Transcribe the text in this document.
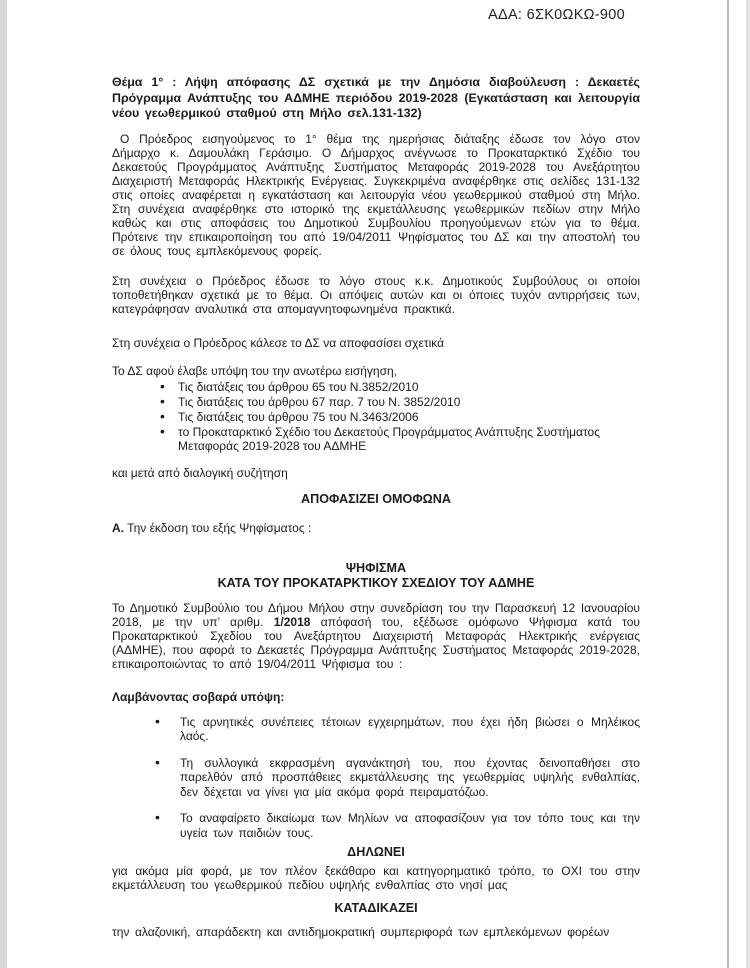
ΑΔΑ: 6ΣΚ0ΩΚΩ-900

Θέμα 1° : Λήψη απόφασης ΔΣ σχετικά με την Δημόσια διαβούλευση : Δεκαετές Πρόγραμμα Ανάπτυξης του ΑΔΜΗΕ περιόδου 2019-2028 (Εγκατάσταση και λειτουργία νέου γεωθερμικού σταθμού στη Μήλο σελ.131-132)

Ο Πρόεδρος εισηγούμενος το 1° θέμα της ημερήσιας διάταξης έδωσε τον λόγο στον Δήμαρχο κ. Δαμουλάκη Γεράσιμο. Ο Δήμαρχος ανέγνωσε το Προκαταρκτικό Σχέδιο του Δεκαετούς Προγράμματος Ανάπτυξης Συστήματος Μεταφοράς 2019-2028 του Ανεξάρτητου Διαχειριστή Μεταφοράς Ηλεκτρικής Ενέργειας. Συγκεκριμένα αναφέρθηκε στις σελίδες 131-132 στις οποίες αναφέρεται η εγκατάσταση και λειτουργία νέου γεωθερμικού σταθμού στη Μήλο. Στη συνέχεια αναφέρθηκε στο ιστορικό της εκμετάλλευσης γεωθερμικών πεδίων στην Μήλο καθώς και στις αποφάσεις του Δημοτικού Συμβουλίου προηγούμενων ετών για το θέμα. Πρότεινε την επικαιροποίηση του από 19/04/2011 Ψηφίσματος του ΔΣ και την αποστολή του σε όλους τους εμπλεκόμενους φορείς.

Στη συνέχεια ο Πρόεδρος έδωσε το λόγο στους κ.κ. Δημοτικούς Συμβούλους οι οποίοι τοποθετήθηκαν σχετικά με το θέμα. Οι απόψεις αυτών και οι όποιες τυχόν αντιρρήσεις των, κατεγράφησαν αναλυτικά στα απομαγνητοφωνημένα πρακτικά.

Στη συνέχεια ο Πρόεδρος κάλεσε το ΔΣ να αποφασίσει σχετικά

Το ΔΣ αφού έλαβε υπόψη του την ανωτέρω εισήγηση,

• Τις διατάξεις του άρθρου 65 του Ν.3852/2010
• Τις διατάξεις του άρθρου 67 παρ. 7 του Ν. 3852/2010
• Τις διατάξεις του άρθρου 75 του Ν.3463/2006
• το Προκαταρκτικό Σχέδιο του Δεκαετούς Προγράμματος Ανάπτυξης Συστήματος Μεταφοράς 2019-2028 του ΑΔΜΗΕ

και μετά από διαλογική συζήτηση

ΑΠΟΦΑΣΙΖΕΙ ΟΜΟΦΩΝΑ

Α. Την έκδοση του εξής Ψηφίσματος :

ΨΗΦΙΣΜΑ

ΚΑΤΑ ΤΟΥ ΠΡΟΚΑΤΑΡΚΤΙΚΟΥ ΣΧΕΔΙΟΥ ΤΟΥ ΑΔΜΗΕ

Το Δημοτικό Συμβούλιο του Δήμου Μήλου στην συνεδρίαση του την Παρασκευή 12 Ιανουαρίου 2018, με την υπ’ αριθμ. 1/2018 απόφασή του, εξέδωσε ομόφωνο Ψήφισμα κατά του Προκαταρκτικού Σχεδίου του Ανεξάρτητου Διαχειριστή Μεταφοράς Ηλεκτρικής ενέργειας (ΑΔΜΗΕ), που αφορά το Δεκαετές Πρόγραμμα Ανάπτυξης Συστήματος Μεταφοράς 2019-2028, επικαιροποιώντας το από 19/04/2011 Ψήφισμα του :

Λαμβάνοντας σοβαρά υπόψη:

• Τις αρνητικές συνέπειες τέτοιων εγχειρημάτων, που έχει ήδη βιώσει ο Μηλέικος λαός.
• Τη συλλογικά εκφρασμένη αγανάκτησή του, που έχοντας δεινοπαθήσει στο παρελθόν από προσπάθειες εκμετάλλευσης της γεωθερμίας υψηλής ενθαλπίας, δεν δέχεται να γίνει για μία ακόμα φορά πειραματόζωο.
• Το αναφαίρετο δικαίωμα των Μηλίων να αποφασίζουν για τον τόπο τους και την υγεία των παιδιών τους.

ΔΗΛΩΝΕΙ

για ακόμα μία φορά, με τον πλέον ξεκάθαρο και κατηγορηματικό τρόπο, το ΟΧΙ του στην εκμετάλλευση του γεωθερμικού πεδίου υψηλής ενθαλπίας στο νησί μας

ΚΑΤΑΔΙΚΑΖΕΙ

την αλαζονική, απαράδεκτη και αντιδημοκρατική συμπεριφορά των εμπλεκόμενων φορέων
